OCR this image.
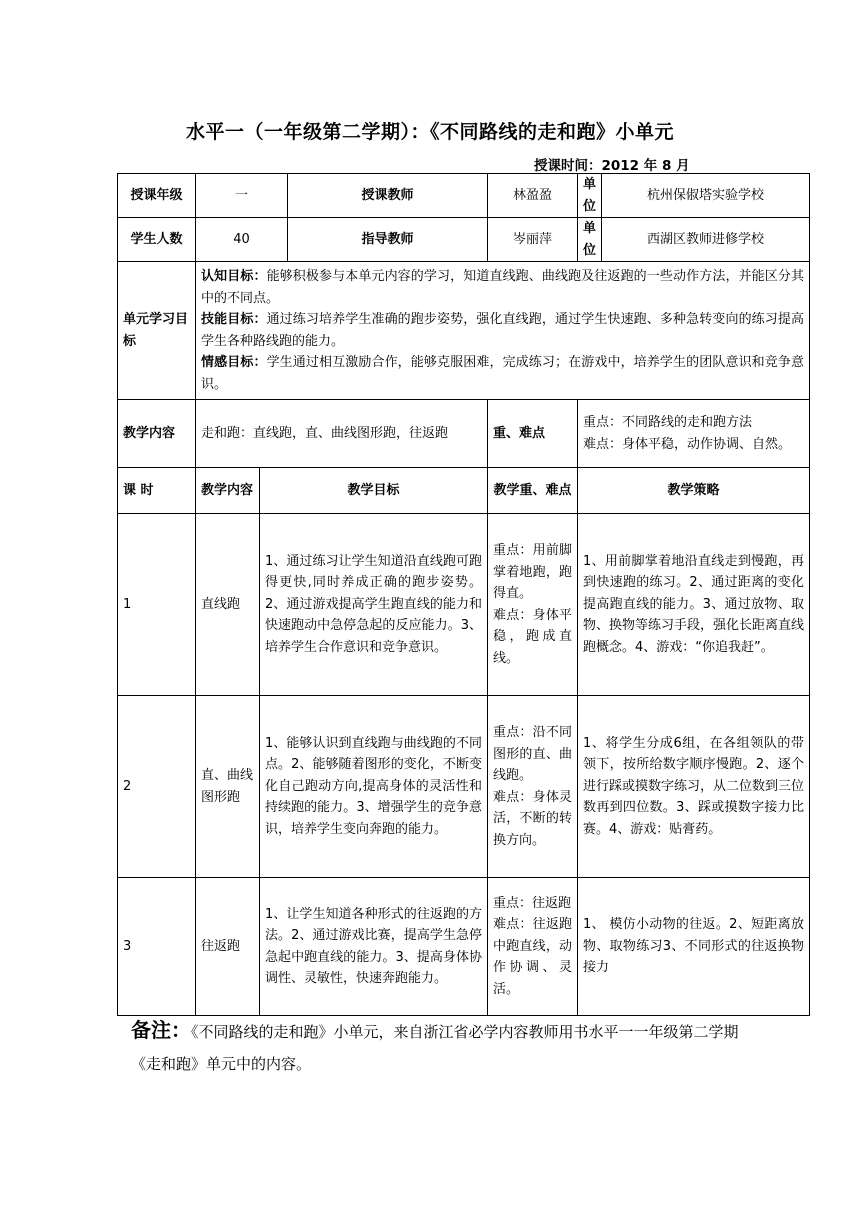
水平一（一年级第二学期）：《不同路线的走和跑》小单元
授课时间：2012 年 8 月
授课年级	一		授课教师	林盈盈	单位	杭州保俶塔实验学校
学生人数	40		指导教师	岑丽萍	单位	西湖区教师进修学校
单元学习目标	认知目标：能够积极参与本单元内容的学习，知道直线跑、曲线跑及往返跑的一些动作方法，并能区分其中的不同点。
技能目标：通过练习培养学生准确的跑步姿势，强化直线跑，通过学生快速跑、多种急转变向的练习提高学生各种路线跑的能力。
情感目标：学生通过相互激励合作，能够克服困难，完成练习；在游戏中，培养学生的团队意识和竞争意识。					

教学内容	走和跑：直线跑，直、曲线图形跑，往返跑			重、难点	重点：不同路线的走和跑方法
难点：身体平稳，动作协调、自然。	

课 时	教学内容	教学目标		教学重、难点	教学策略	
1	直线跑	1、通过练习让学生知道沿直线跑可跑得更快,同时养成正确的跑步姿势。2、通过游戏提高学生跑直线的能力和快速跑动中急停急起的反应能力。3、培养学生合作意识和竞争意识。		重点：用前脚掌着地跑，跑得直。
难点：身体平稳，跑成直线。	1、用前脚掌着地沿直线走到慢跑，再到快速跑的练习。2、通过距离的变化提高跑直线的能力。3、通过放物、取物、换物等练习手段，强化长距离直线跑概念。4、游戏：“你追我赶”。	
2	直、曲线图形跑	1、能够认识到直线跑与曲线跑的不同点。2、能够随着图形的变化，不断变化自己跑动方向,提高身体的灵活性和持续跑的能力。3、增强学生的竞争意识，培养学生变向奔跑的能力。		重点：沿不同图形的直、曲线跑。
难点：身体灵活，不断的转换方向。	1、将学生分成6组，在各组领队的带领下，按所给数字顺序慢跑。2、逐个进行踩或摸数字练习，从二位数到三位数再到四位数。3、踩或摸数字接力比赛。4、游戏：贴膏药。	
3	往返跑	1、让学生知道各种形式的往返跑的方法。2、通过游戏比赛，提高学生急停急起中跑直线的能力。3、提高身体协调性、灵敏性，快速奔跑能力。		重点：往返跑
难点：往返跑中跑直线，动作协调、灵活。	1、 模仿小动物的往返。2、短距离放物、取物练习3、不同形式的往返换物接力	
备注：《不同路线的走和跑》小单元，来自浙江省必学内容教师用书水平一一年级第二学期《走和跑》单元中的内容。
